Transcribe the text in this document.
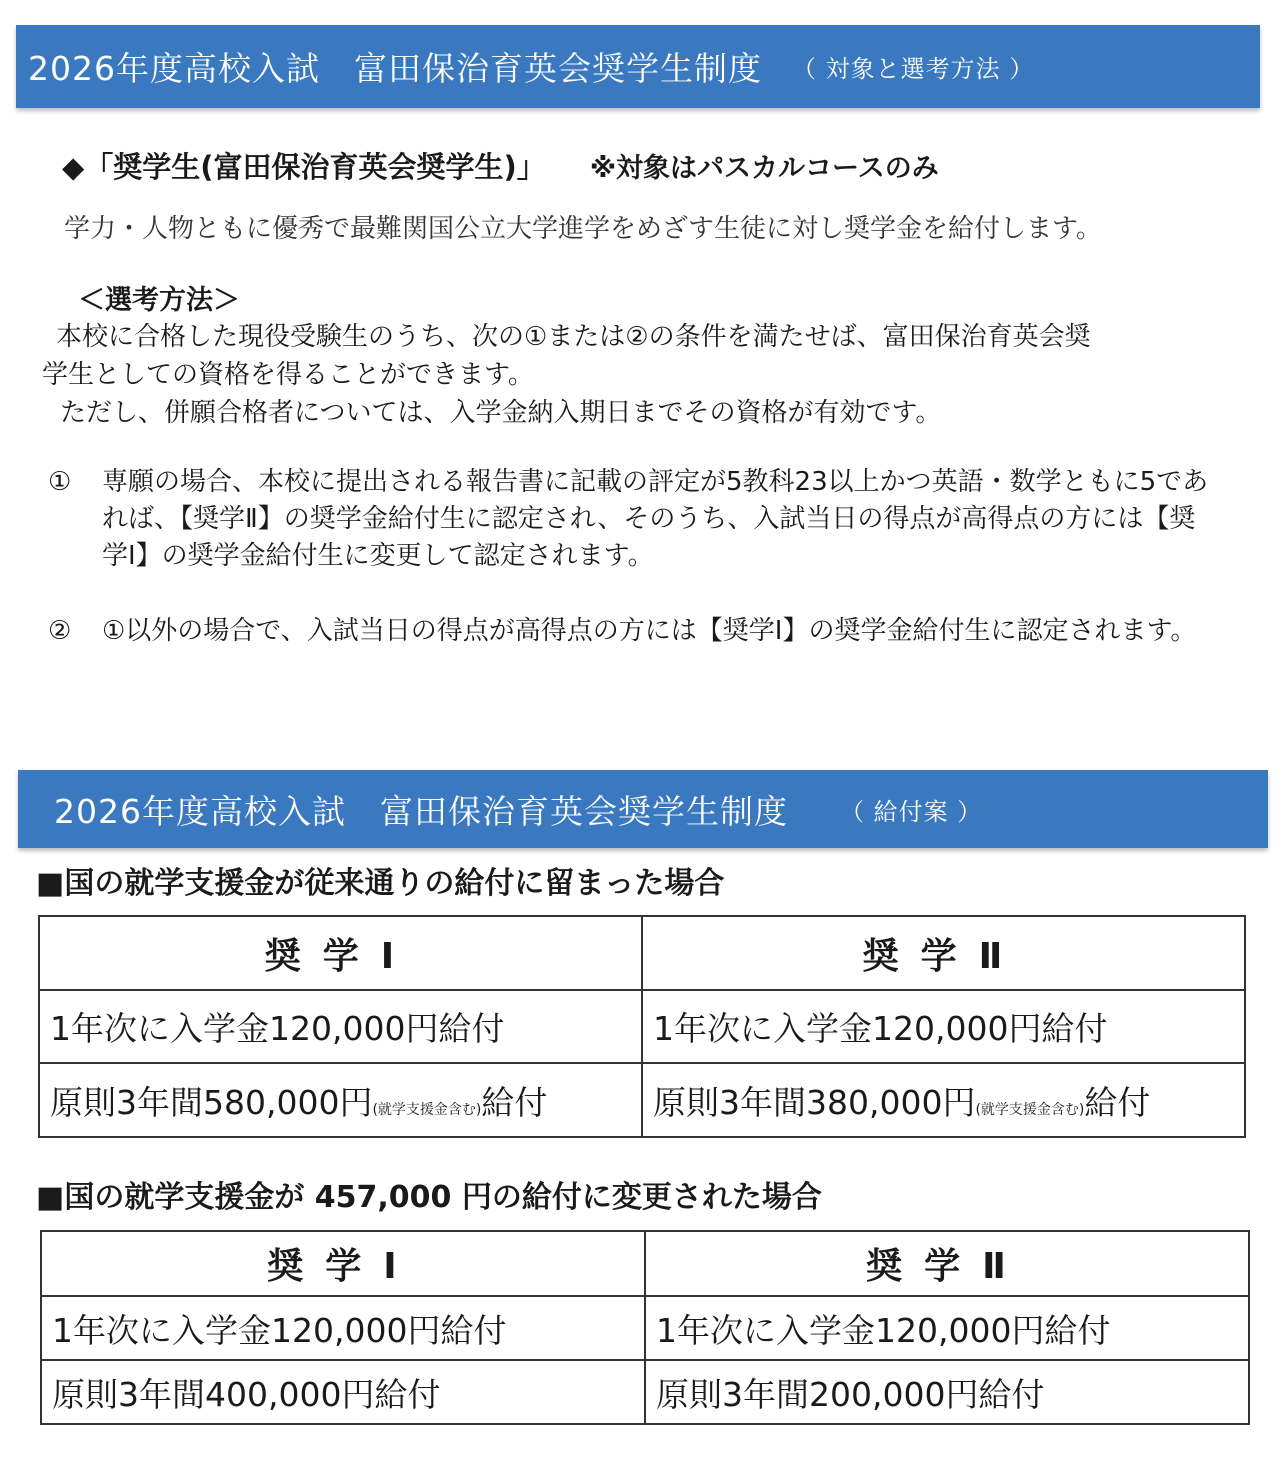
2026年度高校入試　富田保治育英会奨学生制度 （ 対象と選考方法 ）
◆「奨学生(富田保治育英会奨学生)」 ※対象はパスカルコースのみ
学力・人物ともに優秀で最難関国公立大学進学をめざす生徒に対し奨学金を給付します。
＜選考方法＞

本校に合格した現役受験生のうち、次の①または②の条件を満たせば、富田保治育英会奨

学生としての資格を得ることができます。

ただし、併願合格者については、入学金納入期日までその資格が有効です。

①	専願の場合、本校に提出される報告書に記載の評定が5教科23以上かつ英語・数学ともに5であれば、【奨学Ⅱ】の奨学金給付生に認定され、そのうち、入試当日の得点が高得点の方には【奨学Ⅰ】の奨学金給付生に変更して認定されます。
②	①以外の場合で、入試当日の得点が高得点の方には【奨学Ⅰ】の奨学金給付生に認定されます。
2026年度高校入試　富田保治育英会奨学生制度 （ 給付案 ）
■国の就学支援金が従来通りの給付に留まった場合
奨学Ⅰ	奨学Ⅱ
1年次に入学金120,000円給付	1年次に入学金120,000円給付
原則3年間580,000円(就学支援金含む)給付	原則3年間380,000円(就学支援金含む)給付
■国の就学支援金が 457,000 円の給付に変更された場合
奨学Ⅰ	奨学Ⅱ
1年次に入学金120,000円給付	1年次に入学金120,000円給付
原則3年間400,000円給付	原則3年間200,000円給付
